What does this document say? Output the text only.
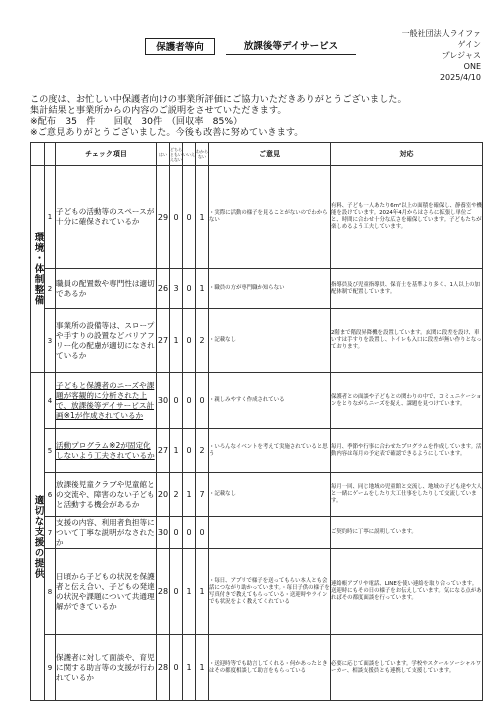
保護者等向	放課後等デイサービス
一般社団法人ライファ
ゲイン
プレジャス
ONE
2025/4/10
この度は、お忙しい中保護者向けの事業所評価にご協力いただきありがとうございました。
集計結果と事業所からの内容のご説明をさせていただきます。
※配布　35　件　　回収　30件　（回収率　85%）
※ご意見ありがとうございました。今後も改善に努めていきます。
		チェック項目	はい	どちらともいえない	いいえ	わからない	ご意見	対応
環境・体制整備	1	子どもの活動等のスペースが十分に確保されているか	29	0	0	1	・実際に活動の様子を見ることがないのでわからない	有料、子ども一人あたり6m²以上の面積を確保し、静養室や機能を設けています。2024年4月からはさらに拡張し単位ごと、時間に合わせ十分な広さを確保しています。子どもたちが楽しめるよう工夫しています。
	2	職員の配置数や専門性は適切であるか	26	3	0	1	・職員の方が専門職か知らない	指導員及び児童指導員、保育士を基準より多く、1人以上の加配体制で配置しています。
	3	事業所の設備等は、スロープや手すりの設置などバリアフリー化の配慮が適切になされているか	27	1	0	2	・記載なし	2階まで階段昇降機を設置しています。玄関に段差を設け、車いすは手すりを設置し、トイレも入口に段差が無い作りとなっております。
適切な支援の提供	4	子どもと保護者のニーズや課題が客観的に分析された上で、放課後等デイサービス計画※1が作成されているか	30	0	0	0	・親しみやすく作成されている	保護者との面談や子どもとの関わりの中で、コミュニケーションをとりながらニーズを捉え、課題を見つけています。
	5	活動プログラム※2が固定化しないよう工夫されているか	27	1	0	2	・いろんなイベントを考えて実施されていると思う	毎月、季節や行事に合わせたプログラムを作成しています。活動内容は毎月の予定表で確認できるようにしています。
	6	放課後児童クラブや児童館との交流や、障害のない子どもと活動する機会があるか	20	2	1	7	・記載なし	毎月一回、同じ地域の児童館と交流し、地域の子ども達や大人と一緒にゲームをしたり大工仕事をしたりして交流しています。
	7	支援の内容、利用者負担等について丁寧な説明がなされたか	30	0	0	0		ご契約時に丁寧に説明しています。
	8	日頃から子どもの状況を保護者と伝え合い、子どもの発達の状況や課題について共通理解ができているか	28	0	1	1	・毎日、アプリで様子を送ってもらい本人とも会話につながり助かっています。・毎日子供の様子を写真付きで教えてもらっている・送迎時やラインでも状況をよく教えてくれている	連絡帳アプリや電話、LINEを使い連絡を取り合っています。送迎時にもその日の様子をお伝えしています。気になる点があればその都度面談を行っています。
	9	保護者に対して面談や、育児に関する助言等の支援が行われているか	28	0	1	1	・送迎時等でも助言してくれる・何かあったときはその都度相談して助言をもらっている	必要に応じて面談をしています。学校やスクールソーシャルワーカー、相談支援員とも連携して支援しています。
